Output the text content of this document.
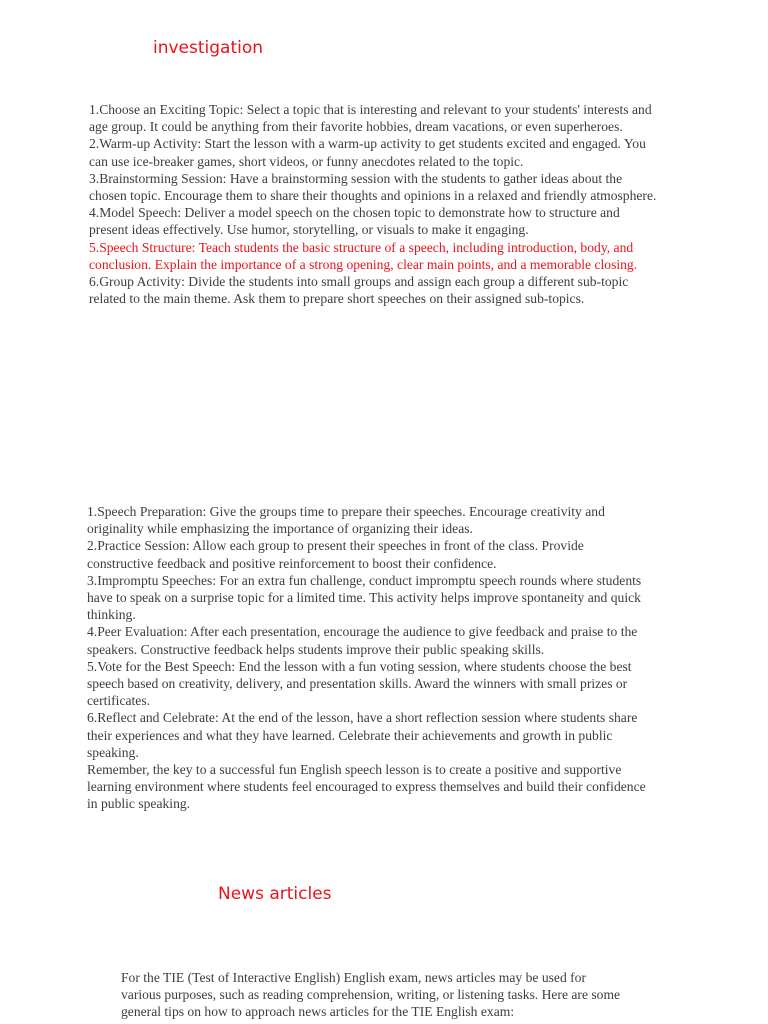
investigation

1.Choose an Exciting Topic: Select a topic that is interesting and relevant to your students' interests and age group. It could be anything from their favorite hobbies, dream vacations, or even superheroes.

2.Warm-up Activity: Start the lesson with a warm-up activity to get students excited and engaged. You can use ice-breaker games, short videos, or funny anecdotes related to the topic.

3.Brainstorming Session: Have a brainstorming session with the students to gather ideas about the chosen topic. Encourage them to share their thoughts and opinions in a relaxed and friendly atmosphere.

4.Model Speech: Deliver a model speech on the chosen topic to demonstrate how to structure and present ideas effectively. Use humor, storytelling, or visuals to make it engaging.

5.Speech Structure: Teach students the basic structure of a speech, including introduction, body, and conclusion. Explain the importance of a strong opening, clear main points, and a memorable closing.

6.Group Activity: Divide the students into small groups and assign each group a different sub-topic related to the main theme. Ask them to prepare short speeches on their assigned sub-topics.

1.Speech Preparation: Give the groups time to prepare their speeches. Encourage creativity and originality while emphasizing the importance of organizing their ideas.

2.Practice Session: Allow each group to present their speeches in front of the class. Provide constructive feedback and positive reinforcement to boost their confidence.

3.Impromptu Speeches: For an extra fun challenge, conduct impromptu speech rounds where students have to speak on a surprise topic for a limited time. This activity helps improve spontaneity and quick thinking.

4.Peer Evaluation: After each presentation, encourage the audience to give feedback and praise to the speakers. Constructive feedback helps students improve their public speaking skills.

5.Vote for the Best Speech: End the lesson with a fun voting session, where students choose the best speech based on creativity, delivery, and presentation skills. Award the winners with small prizes or certificates.

6.Reflect and Celebrate: At the end of the lesson, have a short reflection session where students share their experiences and what they have learned. Celebrate their achievements and growth in public speaking.

Remember, the key to a successful fun English speech lesson is to create a positive and supportive learning environment where students feel encouraged to express themselves and build their confidence in public speaking.

News articles

For the TIE (Test of Interactive English) English exam, news articles may be used for various purposes, such as reading comprehension, writing, or listening tasks. Here are some general tips on how to approach news articles for the TIE English exam:
